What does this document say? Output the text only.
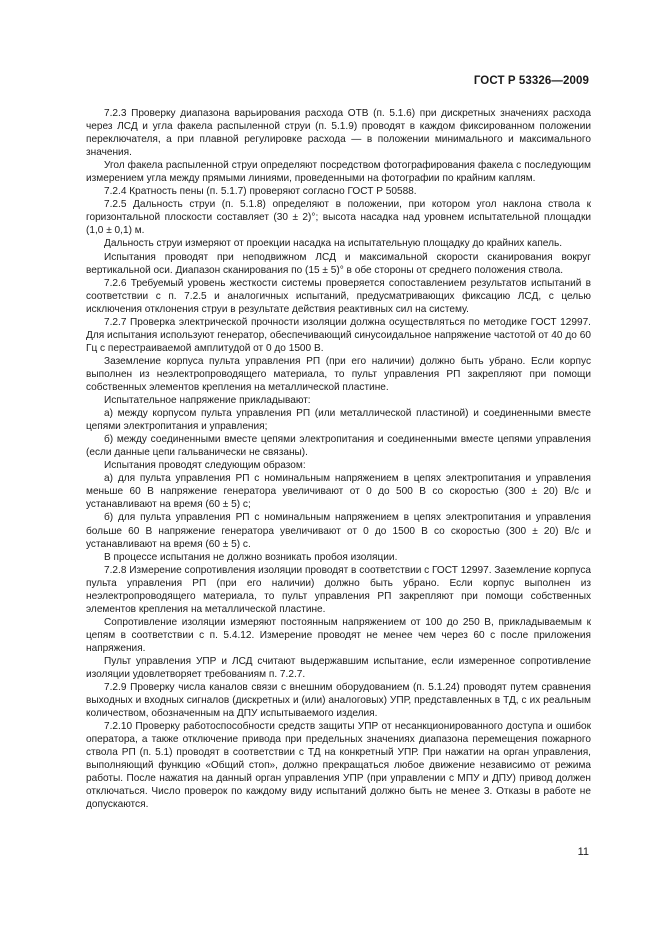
ГОСТ Р 53326—2009

7.2.3 Проверку диапазона варьирования расхода ОТВ (п. 5.1.6) при дискретных значениях расхода через ЛСД и угла факела распыленной струи (п. 5.1.9) проводят в каждом фиксированном положении переключателя, а при плавной регулировке расхода — в положении минимального и максимального значения.

Угол факела распыленной струи определяют посредством фотографирования факела с последующим измерением угла между прямыми линиями, проведенными на фотографии по крайним каплям.

7.2.4 Кратность пены (п. 5.1.7) проверяют согласно ГОСТ Р 50588.

7.2.5 Дальность струи (п. 5.1.8) определяют в положении, при котором угол наклона ствола к горизонтальной плоскости составляет (30 ± 2)°; высота насадка над уровнем испытательной площадки (1,0 ± 0,1) м.

Дальность струи измеряют от проекции насадка на испытательную площадку до крайних капель.

Испытания проводят при неподвижном ЛСД и максимальной скорости сканирования вокруг вертикальной оси. Диапазон сканирования по (15 ± 5)° в обе стороны от среднего положения ствола.

7.2.6 Требуемый уровень жесткости системы проверяется сопоставлением результатов испытаний в соответствии с п. 7.2.5 и аналогичных испытаний, предусматривающих фиксацию ЛСД, с целью исключения отклонения струи в результате действия реактивных сил на систему.

7.2.7 Проверка электрической прочности изоляции должна осуществляться по методике ГОСТ 12997. Для испытания используют генератор, обеспечивающий синусоидальное напряжение частотой от 40 до 60 Гц с перестраиваемой амплитудой от 0 до 1500 В.

Заземление корпуса пульта управления РП (при его наличии) должно быть убрано. Если корпус выполнен из неэлектропроводящего материала, то пульт управления РП закрепляют при помощи собственных элементов крепления на металлической пластине.

Испытательное напряжение прикладывают:

а) между корпусом пульта управления РП (или металлической пластиной) и соединенными вместе цепями электропитания и управления;

б) между соединенными вместе цепями электропитания и соединенными вместе цепями управления (если данные цепи гальванически не связаны).

Испытания проводят следующим образом:

а) для пульта управления РП с номинальным напряжением в цепях электропитания и управления меньше 60 В напряжение генератора увеличивают от 0 до 500 В со скоростью (300 ± 20) В/с и устанавливают на время (60 ± 5) с;

б) для пульта управления РП с номинальным напряжением в цепях электропитания и управления больше 60 В напряжение генератора увеличивают от 0 до 1500 В со скоростью (300 ± 20) В/с и устанавливают на время (60 ± 5) с.

В процессе испытания не должно возникать пробоя изоляции.

7.2.8 Измерение сопротивления изоляции проводят в соответствии с ГОСТ 12997. Заземление корпуса пульта управления РП (при его наличии) должно быть убрано. Если корпус выполнен из неэлектропроводящего материала, то пульт управления РП закрепляют при помощи собственных элементов крепления на металлической пластине.

Сопротивление изоляции измеряют постоянным напряжением от 100 до 250 В, прикладываемым к цепям в соответствии с п. 5.4.12. Измерение проводят не менее чем через 60 с после приложения напряжения.

Пульт управления УПР и ЛСД считают выдержавшим испытание, если измеренное сопротивление изоляции удовлетворяет требованиям п. 7.2.7.

7.2.9 Проверку числа каналов связи с внешним оборудованием (п. 5.1.24) проводят путем сравнения выходных и входных сигналов (дискретных и (или) аналоговых) УПР, представленных в ТД, с их реальным количеством, обозначенным на ДПУ испытываемого изделия.

7.2.10 Проверку работоспособности средств защиты УПР от несанкционированного доступа и ошибок оператора, а также отключение привода при предельных значениях диапазона перемещения пожарного ствола РП (п. 5.1) проводят в соответствии с ТД на конкретный УПР. При нажатии на орган управления, выполняющий функцию «Общий стоп», должно прекращаться любое движение независимо от режима работы. После нажатия на данный орган управления УПР (при управлении с МПУ и ДПУ) привод должен отключаться. Число проверок по каждому виду испытаний должно быть не менее 3. Отказы в работе не допускаются.

11
